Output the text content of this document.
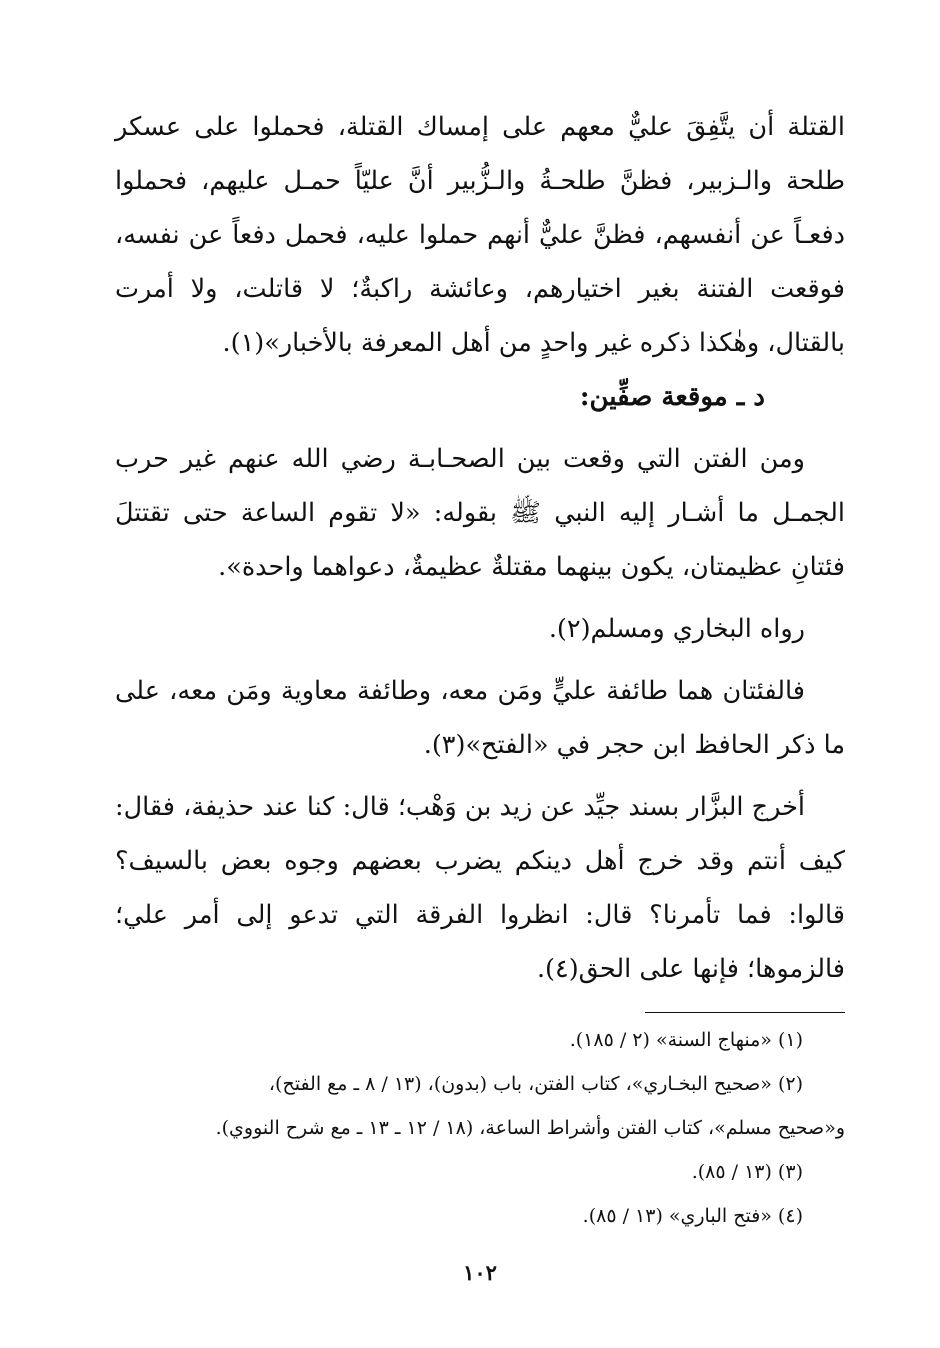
القتلة أن يتَّفِقَ عليٌّ معهم على إمساك القتلة، فحملوا على عسكر طلحة والـزبير، فظنَّ طلحـةُ والـزُّبير أنَّ عليّاً حمـل عليهم، فحملوا دفعـاً عن أنفسهم، فظنَّ عليٌّ أنهم حملوا عليه، فحمل دفعاً عن نفسه، فوقعت الفتنة بغير اختيارهم، وعائشة راكبةٌ؛ لا قاتلت، ولا أمرت بالقتال، وهٰكذا ذكره غير واحدٍ من أهل المعرفة بالأخبار»(١).

د ـ موقعة صفِّين:

ومن الفتن التي وقعت بين الصحـابـة رضي الله عنهم غير حرب الجمـل ما أشـار إليه النبي ﷺ بقوله: «لا تقوم الساعة حتى تقتتلَ فئتانِ عظيمتان، يكون بينهما مقتلةٌ عظيمةٌ، دعواهما واحدة».

رواه البخاري ومسلم(٢).

فالفئتان هما طائفة عليٍّ ومَن معه، وطائفة معاوية ومَن معه، على ما ذكر الحافظ ابن حجر في «الفتح»(٣).

أخرج البزَّار بسند جيِّد عن زيد بن وَهْب؛ قال: كنا عند حذيفة، فقال: كيف أنتم وقد خرج أهل دينكم يضرب بعضهم وجوه بعض بالسيف؟ قالوا: فما تأمرنا؟ قال: انظروا الفرقة التي تدعو إلى أمر علي؛ فالزموها؛ فإنها على الحق(٤).

(١) «منهاج السنة» (٢ / ١٨٥).
(٢) «صحيح البخـاري»، كتاب الفتن، باب (بدون)، (١٣ / ٨ ـ مع الفتح)،
و«صحيح مسلم»، كتاب الفتن وأشراط الساعة، (١٨ / ١٢ ـ ١٣ ـ مع شرح النووي).
(٣) (١٣ / ٨٥).
(٤) «فتح الباري» (١٣ / ٨٥).
١٠٢
